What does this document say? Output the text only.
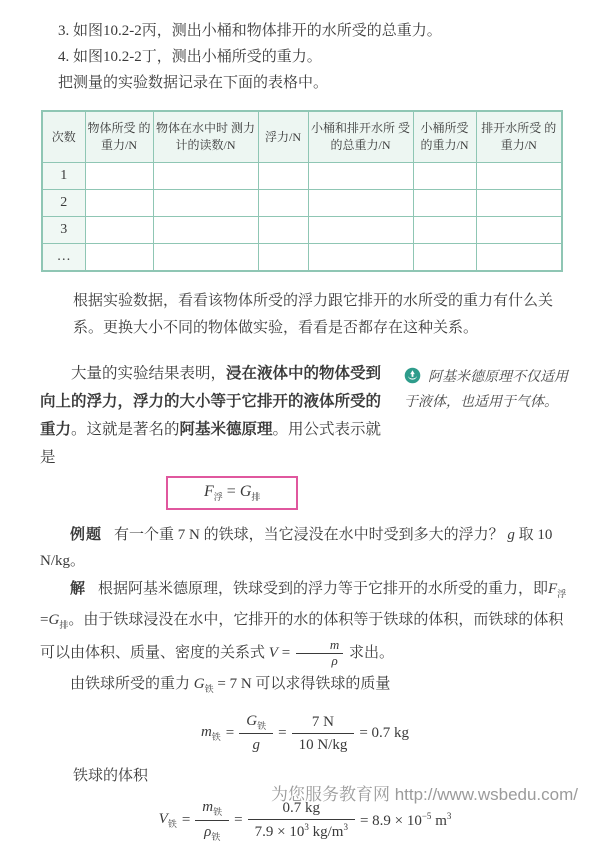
3. 如图10.2-2丙，测出小桶和物体排开的水所受的总重力。

4. 如图10.2-2丁，测出小桶所受的重力。

把测量的实验数据记录在下面的表格中。

次数	物体所受 的重力/N	物体在水中时 测力计的读数/N	浮力/N	小桶和排开水所 受的总重力/N	小桶所受 的重力/N	排开水所受 的重力/N
1						
2						
3						
…						

根据实验数据，看看该物体所受的浮力跟它排开的水所受的重力有什么关系。更换大小不同的物体做实验，看看是否都存在这种关系。

大量的实验结果表明，浸在液体中的物体受到向上的浮力，浮力的大小等于它排开的液体所受的重力。这就是著名的阿基米德原理。用公式表示就是

阿基米德原理不仅适用于液体，也适用于气体。
$F_浮 = G_排$

例题 有一个重 7 N 的铁球，当它浸没在水中时受到多大的浮力？ g 取 10 N/kg。

解 根据阿基米德原理，铁球受到的浮力等于它排开的水所受的重力，即$F_浮=G_排$。由于铁球浸没在水中，它排开的水的体积等于铁球的体积，而铁球的体积可以由体积、质量、密度的关系式 $V = \frac{m}{\rho}$ 求出。

由铁球所受的重力 $G_铁 = 7$ N 可以求得铁球的质量

$m_铁 = \frac{G_铁}{g} = \frac{7 N}{10 N/kg} = 0.7$ kg

铁球的体积

$V_铁 = \frac{m_铁}{\rho_铁} = \frac{0.7 kg}{7.9 \times 10^3 kg/m^3} = 8.9 \times 10^{-5}$ $m^3$
为您服务教育网 http://www.wsbedu.com/
